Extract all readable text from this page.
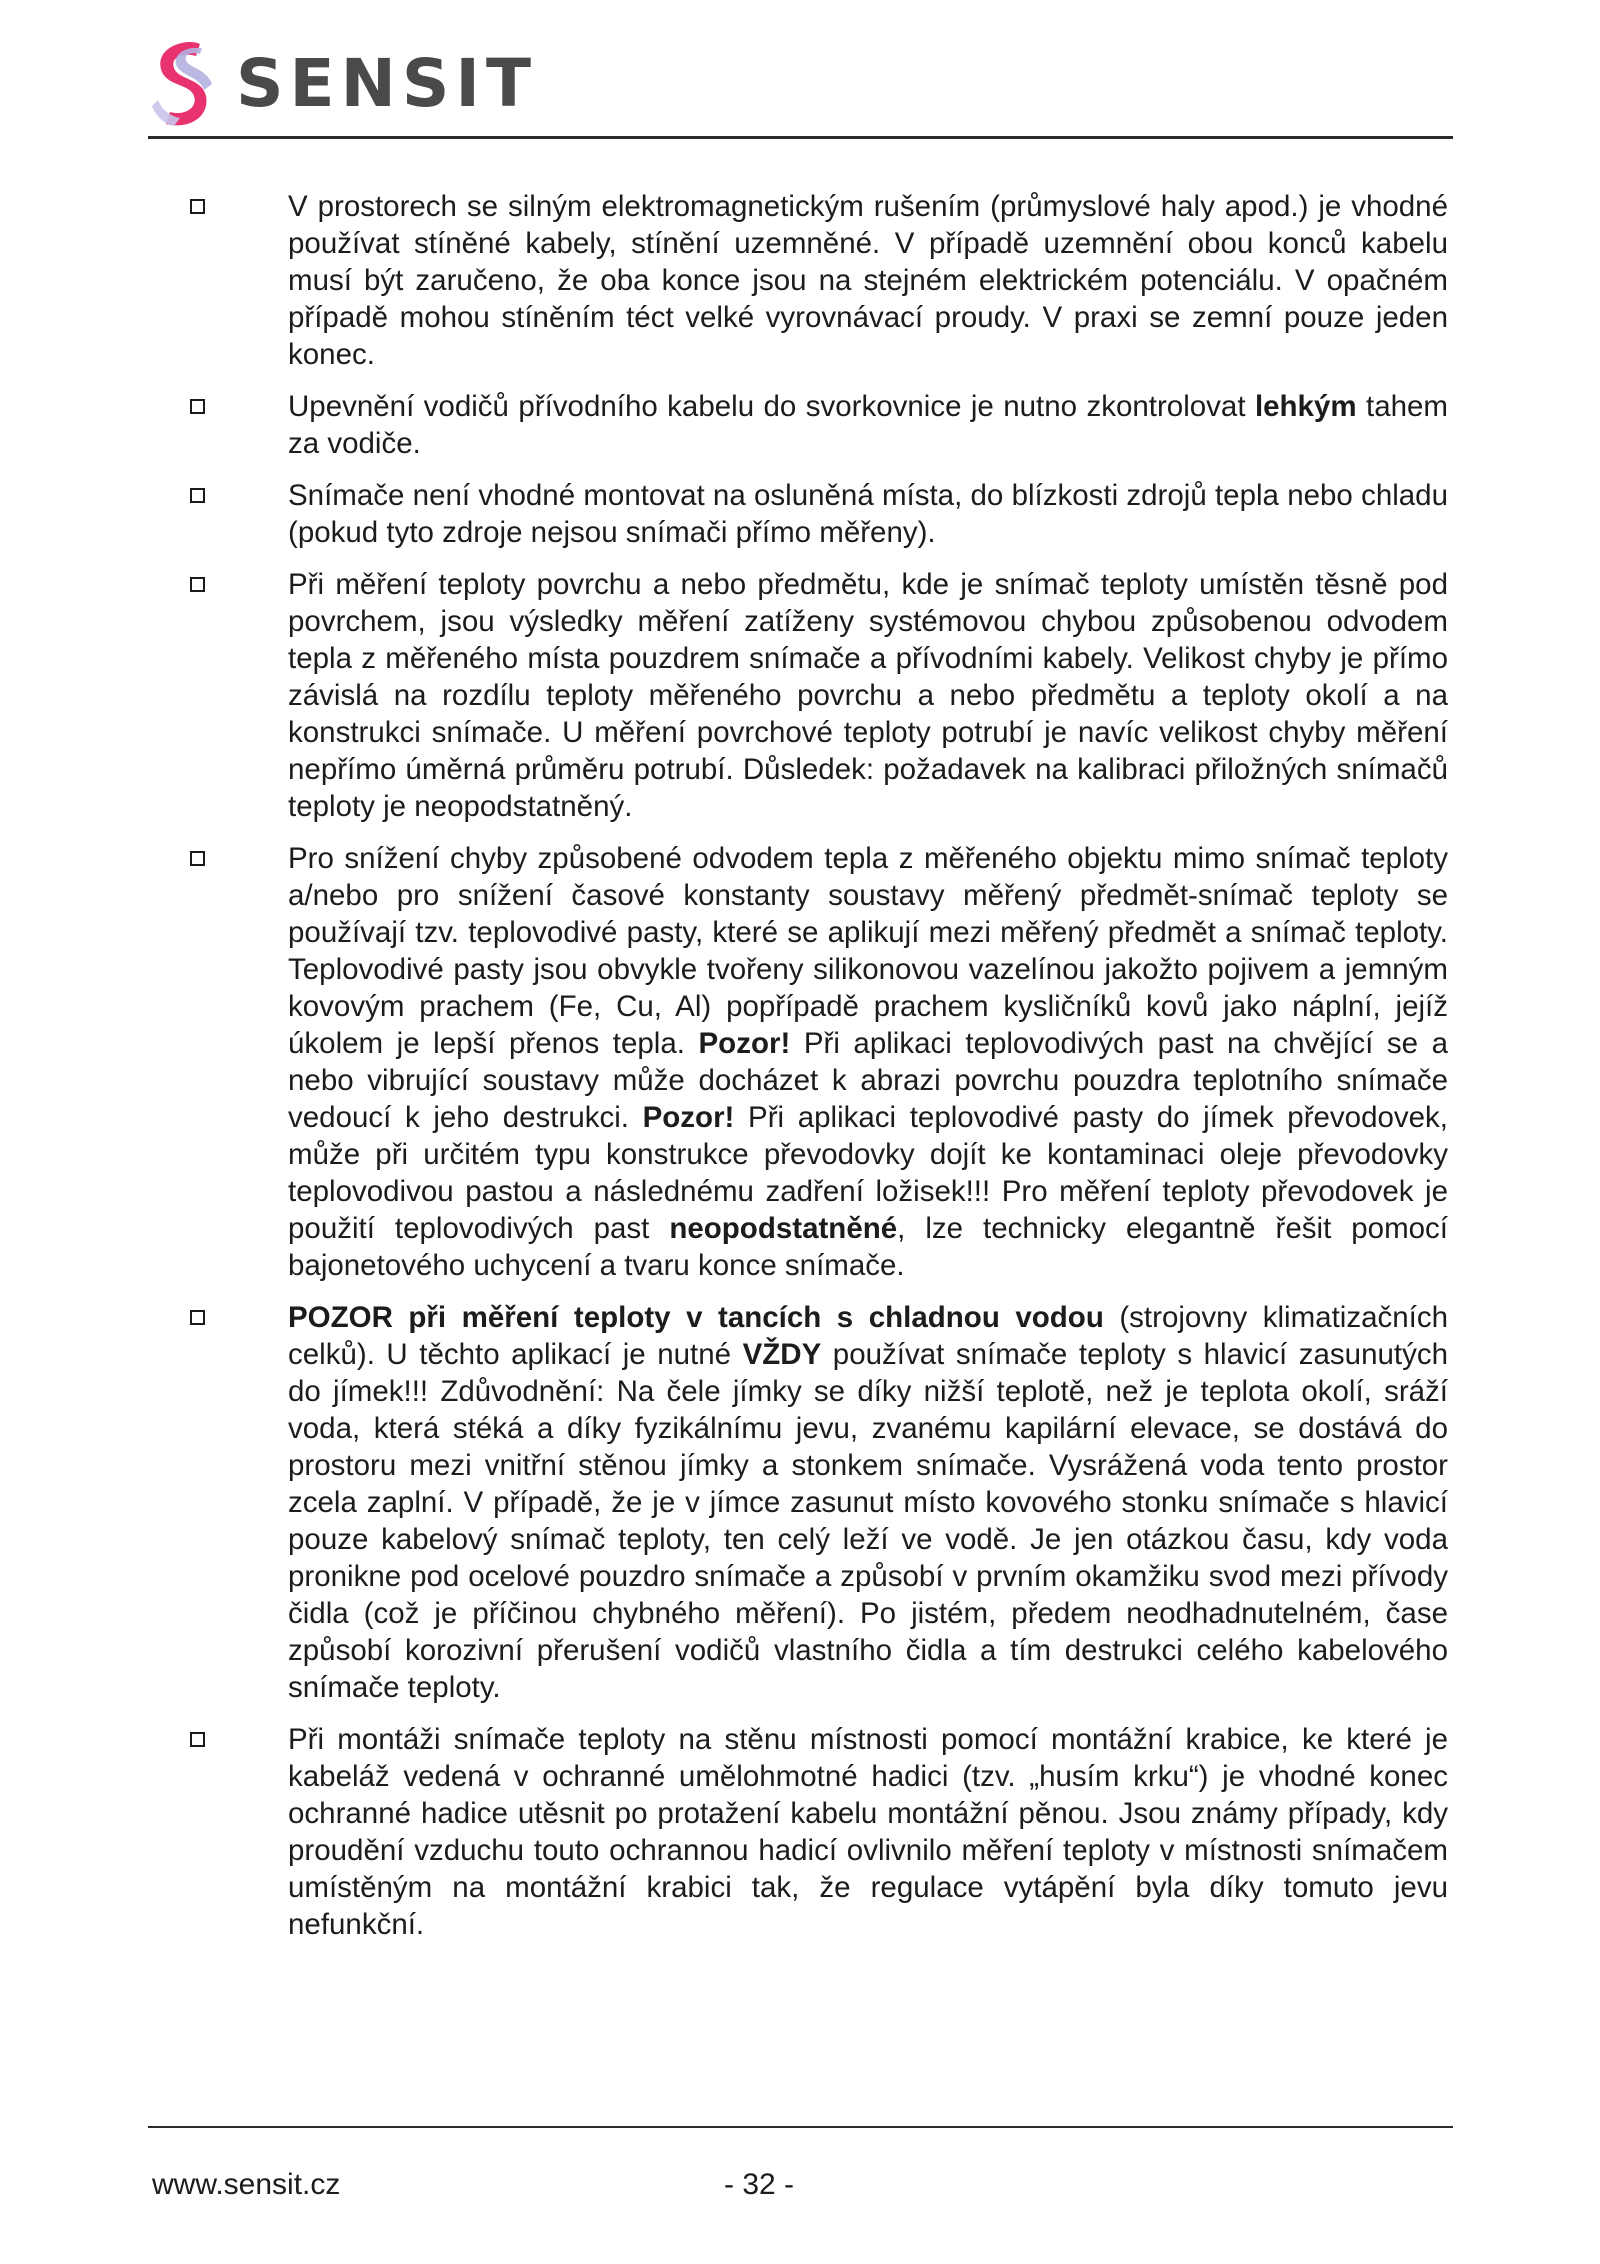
SENSIT
V prostorech se silným elektromagnetickým rušením (průmyslové haly apod.) je vhodné používat stíněné kabely, stínění uzemněné. V případě uzemnění obou konců kabelu musí být zaručeno, že oba konce jsou na stejném elektrickém potenciálu. V opačném případě mohou stíněním téct velké vyrovnávací proudy. V praxi se zemní pouze jeden konec.
Upevnění vodičů přívodního kabelu do svorkovnice je nutno zkontrolovat lehkým tahem za vodiče.
Snímače není vhodné montovat na osluněná místa, do blízkosti zdrojů tepla nebo chladu (pokud tyto zdroje nejsou snímači přímo měřeny).
Při měření teploty povrchu a nebo předmětu, kde je snímač teploty umístěn těsně pod povrchem, jsou výsledky měření zatíženy systémovou chybou způsobenou odvodem tepla z měřeného místa pouzdrem snímače a přívodními kabely. Velikost chyby je přímo závislá na rozdílu teploty měřeného povrchu a nebo předmětu a teploty okolí a na konstrukci snímače. U měření povrchové teploty potrubí je navíc velikost chyby měření nepřímo úměrná průměru potrubí. Důsledek: požadavek na kalibraci přiložných snímačů teploty je neopodstatněný.
Pro snížení chyby způsobené odvodem tepla z měřeného objektu mimo snímač teploty a/nebo pro snížení časové konstanty soustavy měřený předmět-snímač teploty se používají tzv. teplovodivé pasty, které se aplikují mezi měřený předmět a snímač teploty. Teplovodivé pasty jsou obvykle tvořeny silikonovou vazelínou jakožto pojivem a jemným kovovým prachem (Fe, Cu, Al) popřípadě prachem kysličníků kovů jako náplní, jejíž úkolem je lepší přenos tepla. Pozor! Při aplikaci teplovodivých past na chvějící se a nebo vibrující soustavy může docházet k abrazi povrchu pouzdra teplotního snímače vedoucí k jeho destrukci. Pozor! Při aplikaci teplovodivé pasty do jímek převodovek, může při určitém typu konstrukce převodovky dojít ke kontaminaci oleje převodovky teplovodivou pastou a následnému zadření ložisek!!! Pro měření teploty převodovek je použití teplovodivých past neopodstatněné, lze technicky elegantně řešit pomocí bajonetového uchycení a tvaru konce snímače.
POZOR při měření teploty v tancích s chladnou vodou (strojovny klimatizačních celků). U těchto aplikací je nutné VŽDY používat snímače teploty s hlavicí zasunutých do jímek!!! Zdůvodnění: Na čele jímky se díky nižší teplotě, než je teplota okolí, sráží voda, která stéká a díky fyzikálnímu jevu, zvanému kapilární elevace, se dostává do prostoru mezi vnitřní stěnou jímky a stonkem snímače. Vysrážená voda tento prostor zcela zaplní. V případě, že je v jímce zasunut místo kovového stonku snímače s hlavicí pouze kabelový snímač teploty, ten celý leží ve vodě. Je jen otázkou času, kdy voda pronikne pod ocelové pouzdro snímače a způsobí v prvním okamžiku svod mezi přívody čidla (což je příčinou chybného měření). Po jistém, předem neodhadnutelném, čase způsobí korozivní přerušení vodičů vlastního čidla a tím destrukci celého kabelového snímače teploty.
Při montáži snímače teploty na stěnu místnosti pomocí montážní krabice, ke které je kabeláž vedená v ochranné umělohmotné hadici (tzv. „husím krku“) je vhodné konec ochranné hadice utěsnit po protažení kabelu montážní pěnou. Jsou známy případy, kdy proudění vzduchu touto ochrannou hadicí ovlivnilo měření teploty v místnosti snímačem umístěným na montážní krabici tak, že regulace vytápění byla díky tomuto jevu nefunkční.
www.sensit.cz	- 32 -
